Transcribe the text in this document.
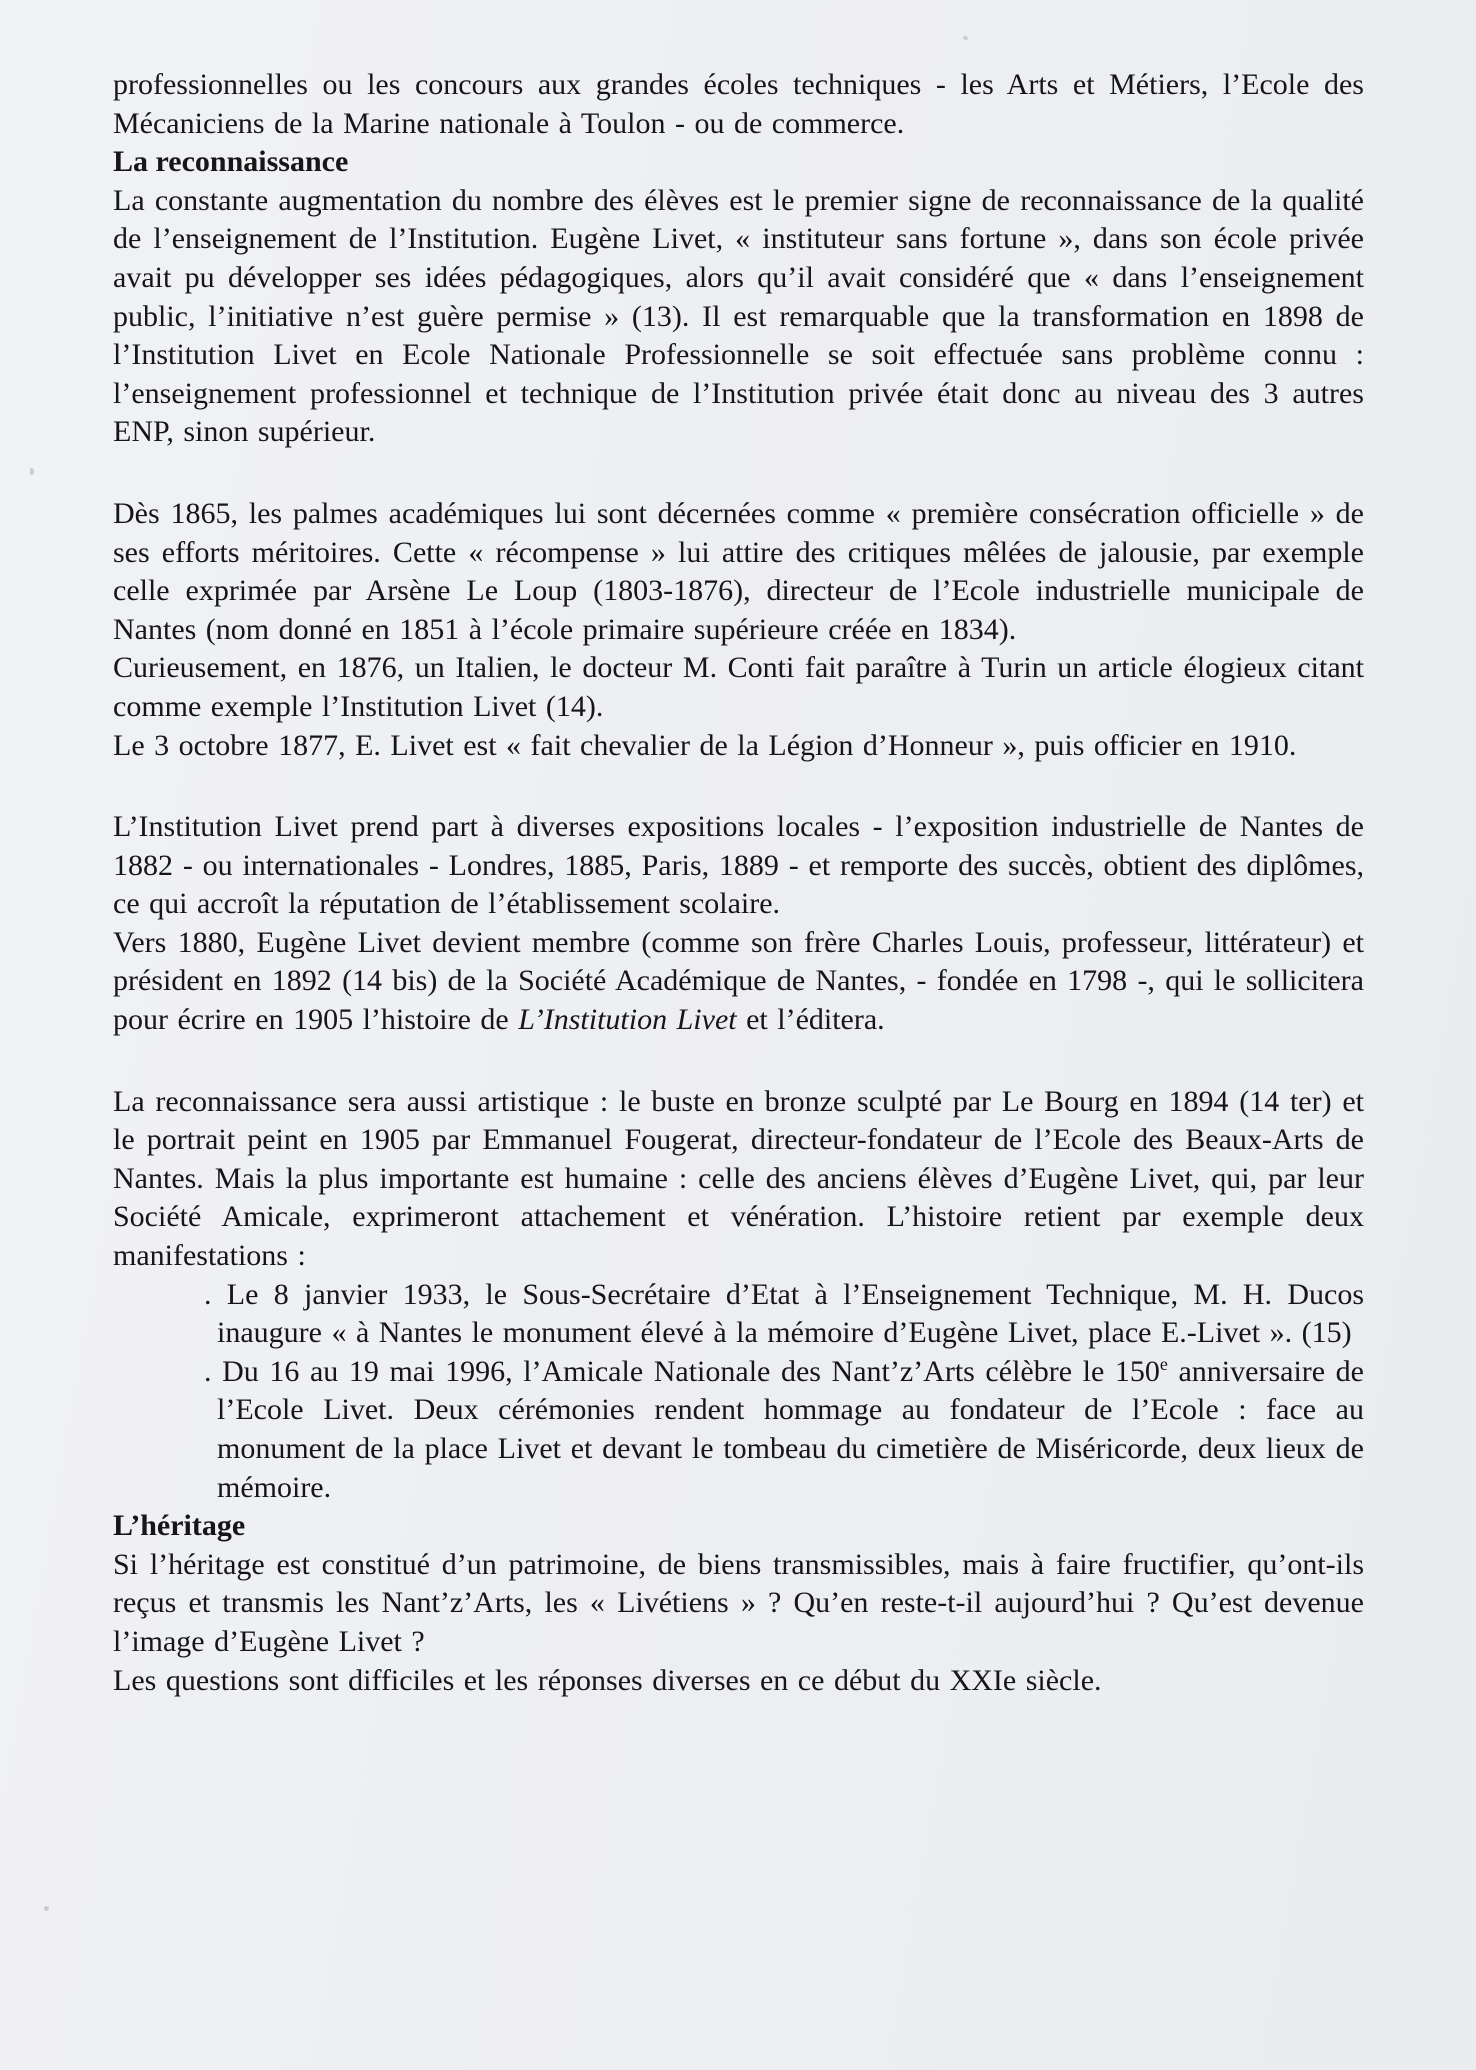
professionnelles ou les concours aux grandes écoles techniques - les Arts et Métiers, l’Ecole des Mécaniciens de la Marine nationale à Toulon - ou de commerce.

La reconnaissance

La constante augmentation du nombre des élèves est le premier signe de reconnaissance de la qualité de l’enseignement de l’Institution. Eugène Livet, « instituteur sans fortune », dans son école privée avait pu développer ses idées pédagogiques, alors qu’il avait considéré que « dans l’enseignement public, l’initiative n’est guère permise » (13). Il est remarquable que la transformation en 1898 de l’Institution Livet en Ecole Nationale Professionnelle se soit effectuée sans problème connu : l’enseignement professionnel et technique de l’Institution privée était donc au niveau des 3 autres ENP, sinon supérieur.

Dès 1865, les palmes académiques lui sont décernées comme « première consécration officielle » de ses efforts méritoires. Cette « récompense » lui attire des critiques mêlées de jalousie, par exemple celle exprimée par Arsène Le Loup (1803-1876), directeur de l’Ecole industrielle municipale de Nantes (nom donné en 1851 à l’école primaire supérieure créée en 1834).

Curieusement, en 1876, un Italien, le docteur M. Conti fait paraître à Turin un article élogieux citant comme exemple l’Institution Livet (14).

Le 3 octobre 1877, E. Livet est « fait chevalier de la Légion d’Honneur », puis officier en 1910.

L’Institution Livet prend part à diverses expositions locales - l’exposition industrielle de Nantes de 1882 - ou internationales - Londres, 1885, Paris, 1889 - et remporte des succès, obtient des diplômes, ce qui accroît la réputation de l’établissement scolaire.

Vers 1880, Eugène Livet devient membre (comme son frère Charles Louis, professeur, littérateur) et président en 1892 (14 bis) de la Société Académique de Nantes, - fondée en 1798 -, qui le sollicitera pour écrire en 1905 l’histoire de L’Institution Livet et l’éditera.

La reconnaissance sera aussi artistique : le buste en bronze sculpté par Le Bourg en 1894 (14 ter) et le portrait peint en 1905 par Emmanuel Fougerat, directeur-fondateur de l’Ecole des Beaux-Arts de Nantes. Mais la plus importante est humaine : celle des anciens élèves d’Eugène Livet, qui, par leur Société Amicale, exprimeront attachement et vénération. L’histoire retient par exemple deux manifestations :

. Le 8 janvier 1933, le Sous-Secrétaire d’Etat à l’Enseignement Technique, M. H. Ducos inaugure « à Nantes le monument élevé à la mémoire d’Eugène Livet, place E.-Livet ». (15)

. Du 16 au 19 mai 1996, l’Amicale Nationale des Nant’z’Arts célèbre le 150e anniversaire de l’Ecole Livet. Deux cérémonies rendent hommage au fondateur de l’Ecole : face au monument de la place Livet et devant le tombeau du cimetière de Miséricorde, deux lieux de mémoire.

L’héritage

Si l’héritage est constitué d’un patrimoine, de biens transmissibles, mais à faire fructifier, qu’ont-ils reçus et transmis les Nant’z’Arts, les « Livétiens » ? Qu’en reste-t-il aujourd’hui ? Qu’est devenue l’image d’Eugène Livet ?

Les questions sont difficiles et les réponses diverses en ce début du XXIe siècle.
